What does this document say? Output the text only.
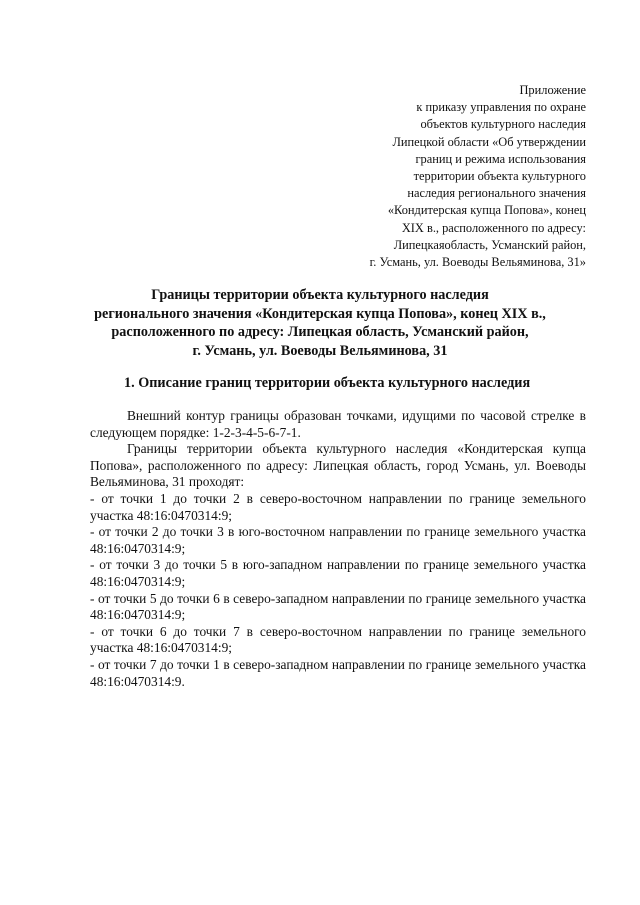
Приложение
к приказу управления по охране
объектов культурного наследия
Липецкой области «Об утверждении
границ и режима использования
территории объекта культурного
наследия регионального значения
«Кондитерская купца Попова», конец
XIX в., расположенного по адресу:
Липецкаяобласть, Усманский район,
г. Усмань, ул. Воеводы Вельяминова, 31»
Границы территории объекта культурного наследия
регионального значения «Кондитерская купца Попова», конец XIX в.,
расположенного по адресу: Липецкая область, Усманский район,
г. Усмань, ул. Воеводы Вельяминова, 31
1. Описание границ территории объекта культурного наследия

Внешний контур границы образован точками, идущими по часовой стрелке в следующем порядке: 1-2-3-4-5-6-7-1.

Границы территории объекта культурного наследия «Кондитерская купца Попова», расположенного по адресу: Липецкая область, город Усмань, ул. Воеводы Вельяминова, 31 проходят:

- от точки 1 до точки 2 в северо-восточном направлении по границе земельного участка 48:16:0470314:9;

- от точки 2 до точки 3 в юго-восточном направлении по границе земельного участка 48:16:0470314:9;

- от точки 3 до точки 5 в юго-западном направлении по границе земельного участка 48:16:0470314:9;

- от точки 5 до точки 6 в северо-западном направлении по границе земельного участка 48:16:0470314:9;

- от точки 6 до точки 7 в северо-восточном направлении по границе земельного участка 48:16:0470314:9;

- от точки 7 до точки 1 в северо-западном направлении по границе земельного участка 48:16:0470314:9.
